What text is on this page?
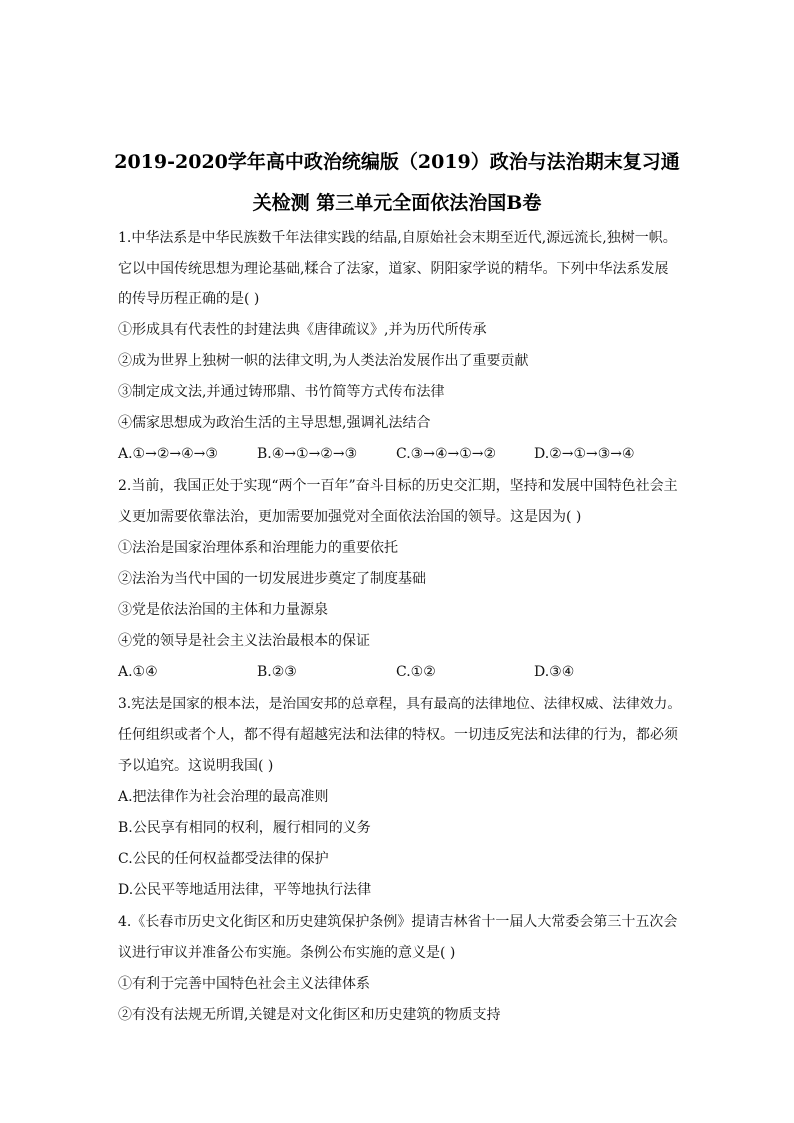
2019-2020学年高中政治统编版（2019）政治与法治期末复习通
关检测 第三单元全面依法治国B卷

1.中华法系是中华民族数千年法律实践的结晶,自原始社会末期至近代,源远流长,独树一帜。

它以中国传统思想为理论基础,糅合了法家，道家、阴阳家学说的精华。下列中华法系发展

的传导历程正确的是( )

①形成具有代表性的封建法典《唐律疏议》,并为历代所传承

②成为世界上独树一帜的法律文明,为人类法治发展作出了重要贡献

③制定成文法,并通过铸邢鼎、书竹简等方式传布法律

④儒家思想成为政治生活的主导思想,强调礼法结合

A.①→②→④→③	B.④→①→②→③	C.③→④→①→②	D.②→①→③→④

2.当前，我国正处于实现“两个一百年”奋斗目标的历史交汇期，坚持和发展中国特色社会主

义更加需要依靠法治，更加需要加强党对全面依法治国的领导。这是因为( )

①法治是国家治理体系和治理能力的重要依托

②法治为当代中国的一切发展进步奠定了制度基础

③党是依法治国的主体和力量源泉

④党的领导是社会主义法治最根本的保证

A.①④	B.②③	C.①②	D.③④

3.宪法是国家的根本法，是治国安邦的总章程，具有最高的法律地位、法律权威、法律效力。

任何组织或者个人，都不得有超越宪法和法律的特权。一切违反宪法和法律的行为，都必须

予以追究。这说明我国( )

A.把法律作为社会治理的最高准则

B.公民享有相同的权利，履行相同的义务

C.公民的任何权益都受法律的保护

D.公民平等地适用法律，平等地执行法律

4.《长春市历史文化街区和历史建筑保护条例》提请吉林省十一届人大常委会第三十五次会

议进行审议并准备公布实施。条例公布实施的意义是( )

①有利于完善中国特色社会主义法律体系

②有没有法规无所谓,关键是对文化街区和历史建筑的物质支持
